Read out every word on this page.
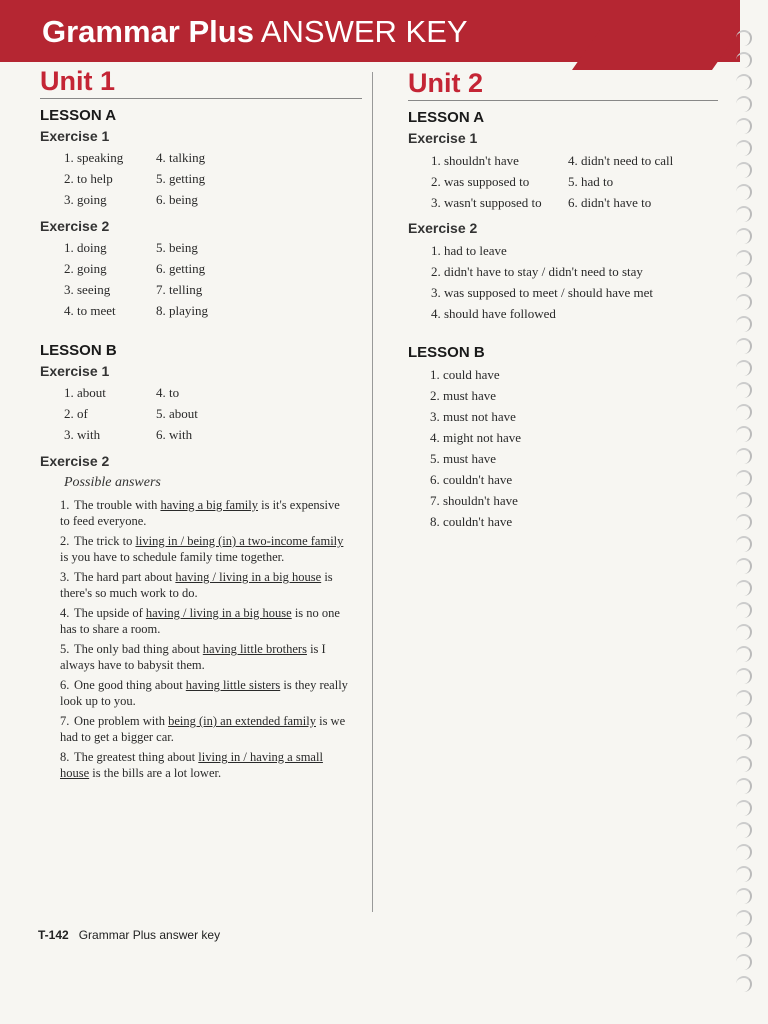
Grammar Plus ANSWER KEY
Unit 1
LESSON A
Exercise 1
1. speaking
2. to help
3. going
4. talking
5. getting
6. being
Exercise 2
1. doing
2. going
3. seeing
4. to meet
5. being
6. getting
7. telling
8. playing
LESSON B
Exercise 1
1. about
2. of
3. with
4. to
5. about
6. with
Exercise 2
Possible answers
1. The trouble with having a big family is it's expensive to feed everyone.
2. The trick to living in / being (in) a two-income family is you have to schedule family time together.
3. The hard part about having / living in a big house is there's so much work to do.
4. The upside of having / living in a big house is no one has to share a room.
5. The only bad thing about having little brothers is I always have to babysit them.
6. One good thing about having little sisters is they really look up to you.
7. One problem with being (in) an extended family is we had to get a bigger car.
8. The greatest thing about living in / having a small house is the bills are a lot lower.
Unit 2
LESSON A
Exercise 1
1. shouldn't have
2. was supposed to
3. wasn't supposed to
4. didn't need to call
5. had to
6. didn't have to
Exercise 2
1. had to leave
2. didn't have to stay / didn't need to stay
3. was supposed to meet / should have met
4. should have followed
LESSON B
1. could have
2. must have
3. must not have
4. might not have
5. must have
6. couldn't have
7. shouldn't have
8. couldn't have
T-142 Grammar Plus answer key
